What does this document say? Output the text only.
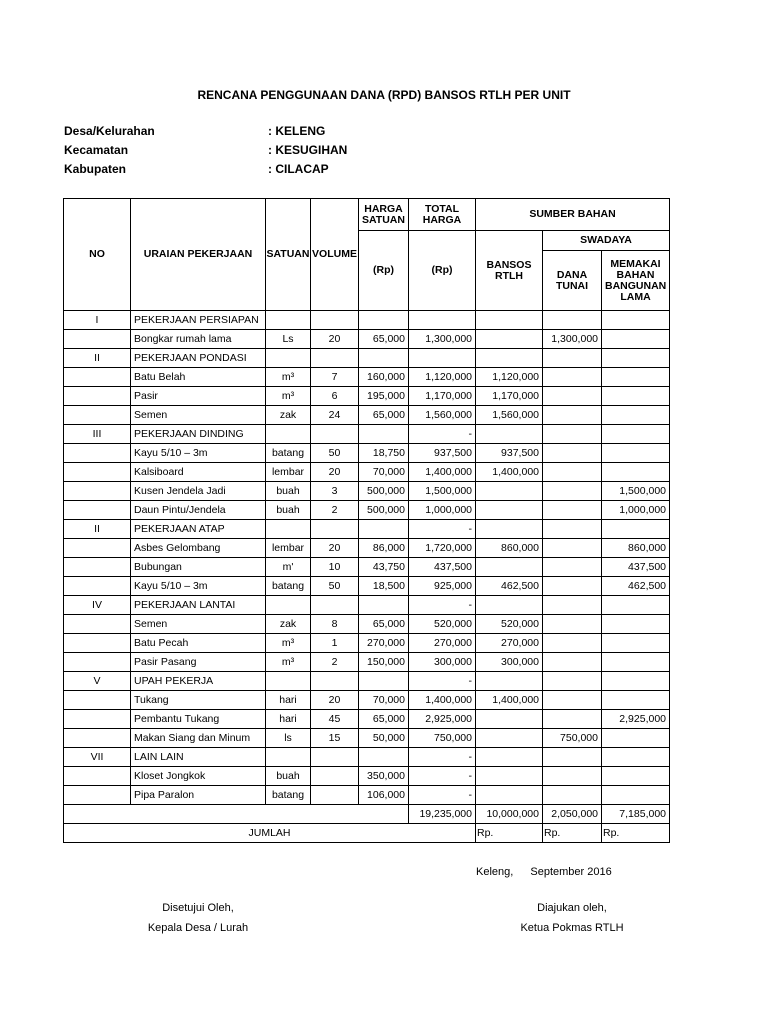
RENCANA PENGGUNAAN DANA (RPD) BANSOS RTLH PER UNIT
Desa/Kelurahan	: KELENG
Kecamatan	: KESUGIHAN
Kabupaten	: CILACAP
NO	URAIAN PEKERJAAN	SATUAN	VOLUME	HARGA SATUAN	TOTAL HARGA	SUMBER BAHAN		
				(Rp)	(Rp)	BANSOS RTLH	SWADAYA	
							DANA TUNAI	MEMAKAI BAHAN BANGUNAN LAMA
I	PEKERJAAN PERSIAPAN							
	Bongkar rumah lama	Ls	20	65,000	1,300,000		1,300,000	
II	PEKERJAAN PONDASI							
	Batu Belah	m³	7	160,000	1,120,000	1,120,000		
	Pasir	m³	6	195,000	1,170,000	1,170,000		
	Semen	zak	24	65,000	1,560,000	1,560,000		
III	PEKERJAAN DINDING				-			
	Kayu 5/10 – 3m	batang	50	18,750	937,500	937,500		
	Kalsiboard	lembar	20	70,000	1,400,000	1,400,000		
	Kusen Jendela Jadi	buah	3	500,000	1,500,000			1,500,000
	Daun Pintu/Jendela	buah	2	500,000	1,000,000			1,000,000
II	PEKERJAAN ATAP				-			
	Asbes Gelombang	lembar	20	86,000	1,720,000	860,000		860,000
	Bubungan	m'	10	43,750	437,500			437,500
	Kayu 5/10 – 3m	batang	50	18,500	925,000	462,500		462,500
IV	PEKERJAAN LANTAI				-			
	Semen	zak	8	65,000	520,000	520,000		
	Batu Pecah	m³	1	270,000	270,000	270,000		
	Pasir Pasang	m³	2	150,000	300,000	300,000		
V	UPAH PEKERJA				-			
	Tukang	hari	20	70,000	1,400,000	1,400,000		
	Pembantu Tukang	hari	45	65,000	2,925,000			2,925,000
	Makan Siang dan Minum	ls	15	50,000	750,000		750,000	
VII	LAIN LAIN				-			
	Kloset Jongkok	buah		350,000	-			
	Pipa Paralon	batang		106,000	-			
					19,235,000	10,000,000	2,050,000	7,185,000
JUMLAH						Rp.	Rp.	Rp.
Keleng, September 2016
Disetujui Oleh,
Kepala Desa / Lurah
Diajukan oleh,
Ketua Pokmas RTLH
